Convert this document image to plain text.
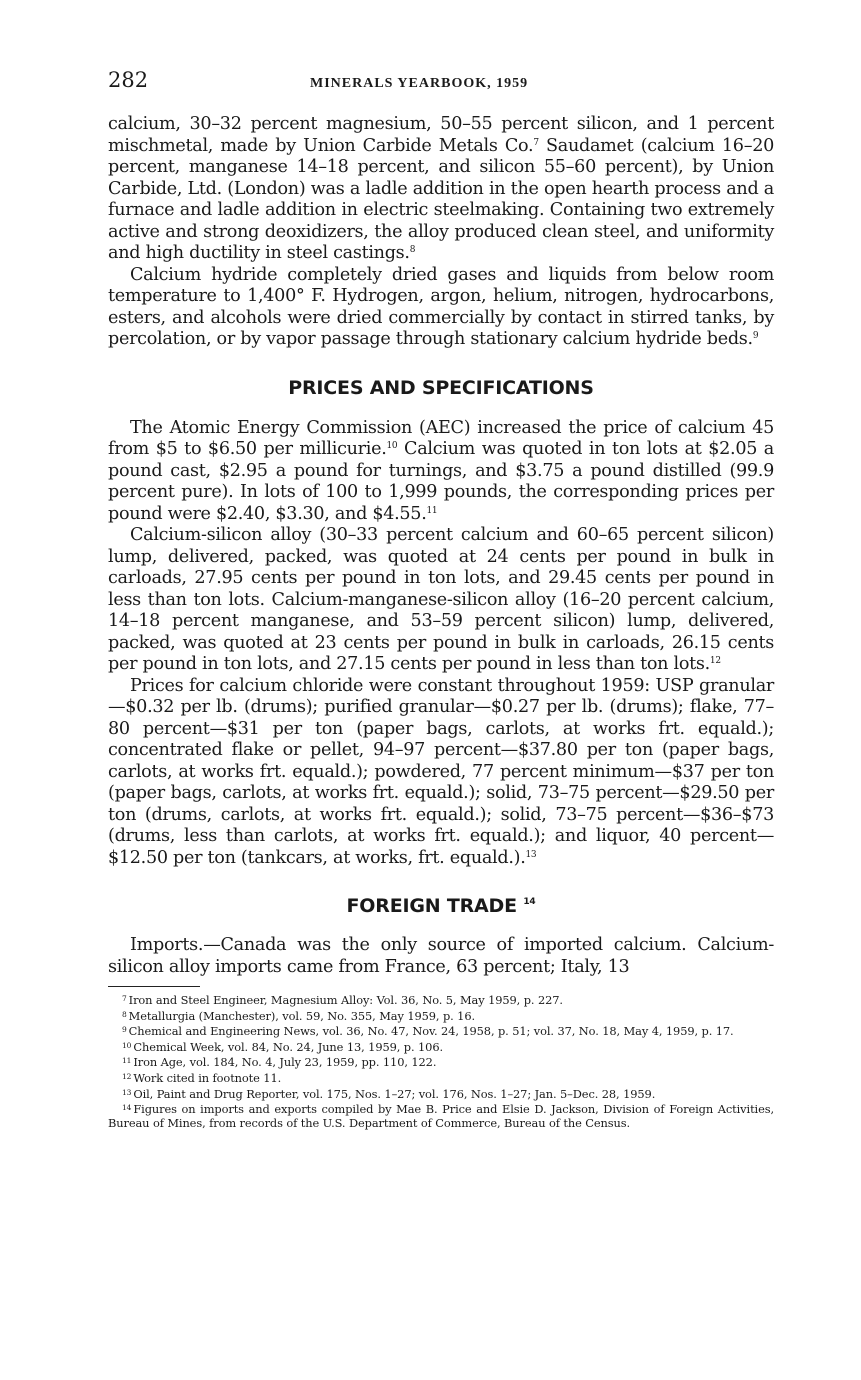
282	MINERALS YEARBOOK, 1959

calcium, 30–32 percent magnesium, 50–55 percent silicon, and 1 percent mischmetal, made by Union Carbide Metals Co.$^7$ Saudamet (calcium 16–20 percent, manganese 14–18 percent, and silicon 55–60 percent), by Union Carbide, Ltd. (London) was a ladle addition in the open hearth process and a furnace and ladle addition in electric steelmaking. Containing two extremely active and strong deoxidizers, the alloy produced clean steel, and uniformity and high ductility in steel castings.$^8$

Calcium hydride completely dried gases and liquids from below room temperature to 1,400° F. Hydrogen, argon, helium, nitrogen, hydrocarbons, esters, and alcohols were dried commercially by contact in stirred tanks, by percolation, or by vapor passage through stationary calcium hydride beds.$^9$

PRICES AND SPECIFICATIONS

The Atomic Energy Commission (AEC) increased the price of calcium 45 from $5 to $6.50 per millicurie.$^{10}$ Calcium was quoted in ton lots at $2.05 a pound cast, $2.95 a pound for turnings, and $3.75 a pound distilled (99.9 percent pure). In lots of 100 to 1,999 pounds, the corresponding prices per pound were $2.40, $3.30, and $4.55.11

Calcium-silicon alloy (30–33 percent calcium and 60–65 percent silicon) lump, delivered, packed, was quoted at 24 cents per pound in bulk in carloads, 27.95 cents per pound in ton lots, and 29.45 cents per pound in less than ton lots. Calcium-manganese-silicon alloy (16–20 percent calcium, 14–18 percent manganese, and 53–59 percent silicon) lump, delivered, packed, was quoted at 23 cents per pound in bulk in carloads, 26.15 cents per pound in ton lots, and 27.15 cents per pound in less than ton lots.$^{12}$

Prices for calcium chloride were constant throughout 1959: USP granular—$0.32 per lb. (drums); purified granular—$0.27 per lb. (drums); flake, 77–80 percent—$31 per ton (paper bags, carlots, at works frt. equald.); concentrated flake or pellet, 94–97 percent—$37.80 per ton (paper bags, carlots, at works frt. equald.); powdered, 77 percent minimum—$37 per ton (paper bags, carlots, at works frt. equald.); solid, 73–75 percent—$29.50 per ton (drums, carlots, at works frt. equald.); solid, 73–75 percent—$36–$73 (drums, less than carlots, at works frt. equald.); and liquor, 40 percent—$12.50 per ton (tankcars, at works, frt. equald.).$^{13}$

FOREIGN TRADE $^{14}$

Imports.—Canada was the only source of imported calcium. Calcium-silicon alloy imports came from France, 63 percent; Italy, 13

$^7$ Iron and Steel Engineer, Magnesium Alloy: Vol. 36, No. 5, May 1959, p. 227.

$^8$ Metallurgia (Manchester), vol. 59, No. 355, May 1959, p. 16.

$^9$ Chemical and Engineering News, vol. 36, No. 47, Nov. 24, 1958, p. 51; vol. 37, No. 18, May 4, 1959, p. 17.

$^{10}$ Chemical Week, vol. 84, No. 24, June 13, 1959, p. 106.

$^{11}$ Iron Age, vol. 184, No. 4, July 23, 1959, pp. 110, 122.

$^{12}$ Work cited in footnote 11.

$^{13}$ Oil, Paint and Drug Reporter, vol. 175, Nos. 1–27; vol. 176, Nos. 1–27; Jan. 5–Dec. 28, 1959.

$^{14}$ Figures on imports and exports compiled by Mae B. Price and Elsie D. Jackson, Division of Foreign Activities, Bureau of Mines, from records of the U.S. Department of Commerce, Bureau of the Census.
